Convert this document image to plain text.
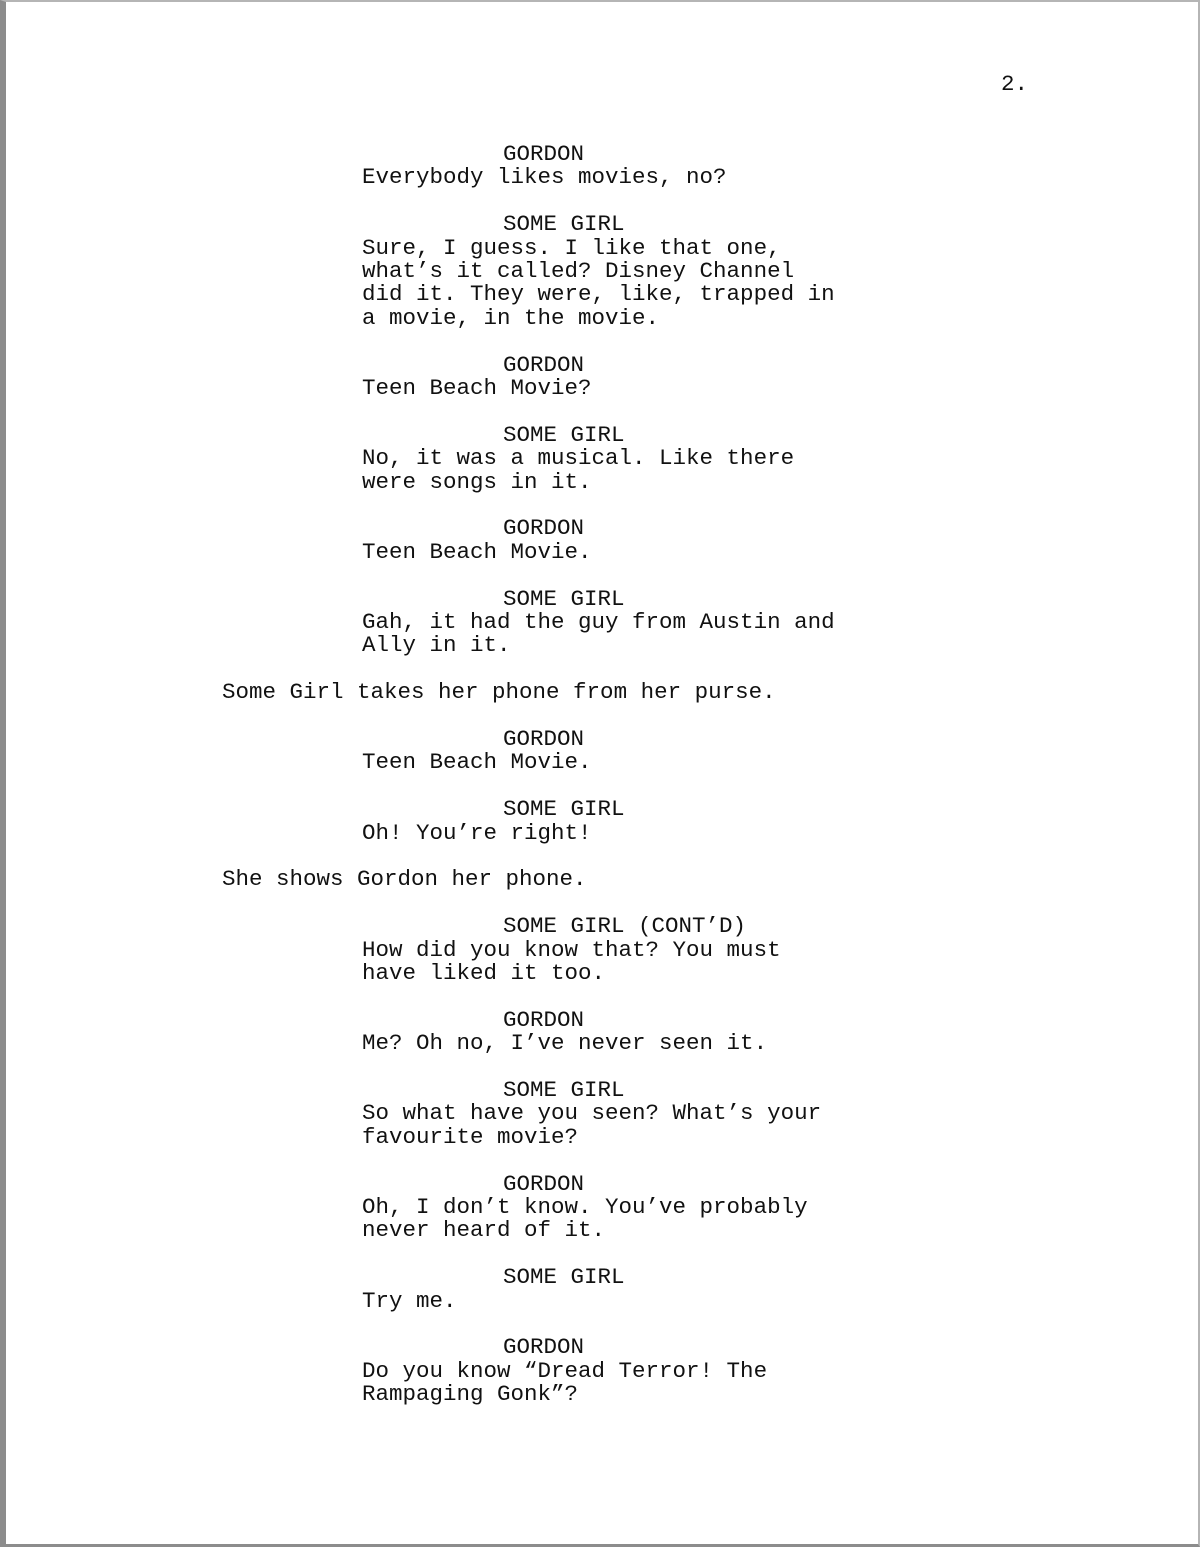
2.
GORDON
Everybody likes movies, no?
SOME GIRL
Sure, I guess. I like that one,
what’s it called? Disney Channel
did it. They were, like, trapped in
a movie, in the movie.
GORDON
Teen Beach Movie?
SOME GIRL
No, it was a musical. Like there
were songs in it.
GORDON
Teen Beach Movie.
SOME GIRL
Gah, it had the guy from Austin and
Ally in it.
Some Girl takes her phone from her purse.
GORDON
Teen Beach Movie.
SOME GIRL
Oh! You’re right!
She shows Gordon her phone.
SOME GIRL (CONT’D)
How did you know that? You must
have liked it too.
GORDON
Me? Oh no, I’ve never seen it.
SOME GIRL
So what have you seen? What’s your
favourite movie?
GORDON
Oh, I don’t know. You’ve probably
never heard of it.
SOME GIRL
Try me.
GORDON
Do you know “Dread Terror! The
Rampaging Gonk”?
